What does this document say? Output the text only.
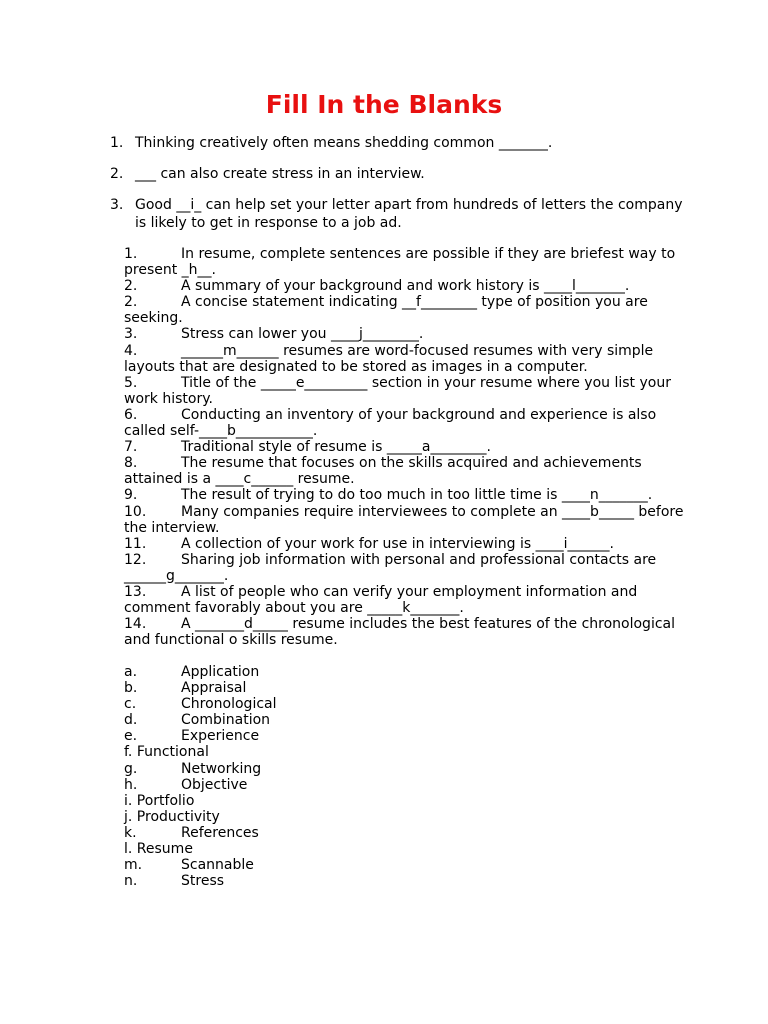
Fill In the Blanks
1. Thinking creatively often means shedding common _______.
2. ___ can also create stress in an interview.
3. Good __i_ can help set your letter apart from hundreds of letters the company is likely to get in response to a job ad.
1.	In resume, complete sentences are possible if they are briefest way to present _h__.
2.	A summary of your background and work history is ____l_______.
2.	A concise statement indicating __f________ type of position you are seeking.
3.	Stress can lower you ____j________.
4.	______m______ resumes are word-focused resumes with very simple layouts that are designated to be stored as images in a computer.
5.	Title of the _____e_________ section in your resume where you list your work history.
6.	Conducting an inventory of your background and experience is also called self-____b___________.
7.	Traditional style of resume is _____a________.
8.	The resume that focuses on the skills acquired and achievements attained is a ____c______ resume.
9.	The result of trying to do too much in too little time is ____n_______.
10. Many companies require interviewees to complete an ____b_____ before the interview.
11. A collection of your work for use in interviewing is ____i______.
12. Sharing job information with personal and professional contacts are ______g_______.
13. A list of people who can verify your employment information and comment favorably about you are _____k_______.
14. A _______d_____ resume includes the best features of the chronological and functional o skills resume.
a.	Application
b.	Appraisal
c.	Chronological
d.	Combination
e.	Experience
f. Functional
g.	Networking
h.	Objective
i. Portfolio
j. Productivity
k.	References
l. Resume
m.	Scannable
n.	Stress
